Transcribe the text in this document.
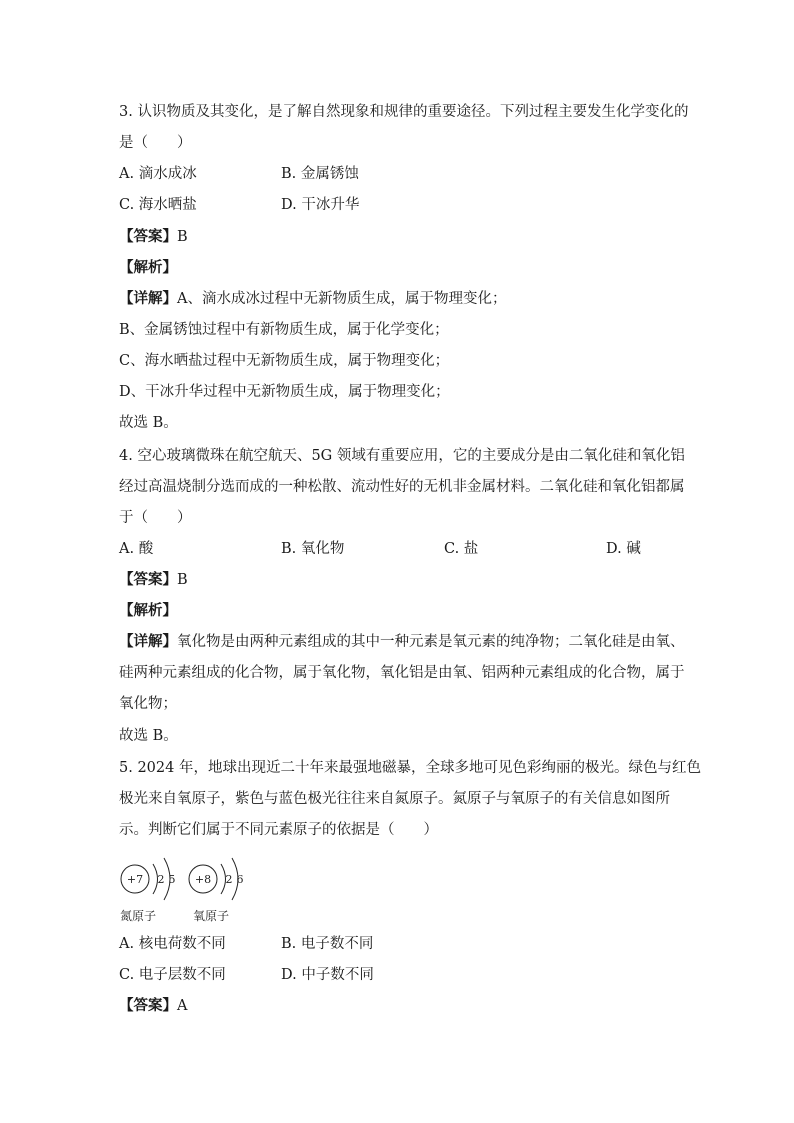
3. 认识物质及其变化，是了解自然现象和规律的重要途径。下列过程主要发生化学变化的
是（　　）
A. 滴水成冰	B. 金属锈蚀
C. 海水晒盐	D. 干冰升华
【答案】B
【解析】
【详解】A、滴水成冰过程中无新物质生成，属于物理变化；
B、金属锈蚀过程中有新物质生成，属于化学变化；
C、海水晒盐过程中无新物质生成，属于物理变化；
D、干冰升华过程中无新物质生成，属于物理变化；
故选 B。
4. 空心玻璃微珠在航空航天、5G 领域有重要应用，它的主要成分是由二氧化硅和氧化铝
经过高温烧制分选而成的一种松散、流动性好的无机非金属材料。二氧化硅和氧化铝都属
于（　　）
A. 酸	B. 氧化物	C. 盐	D. 碱
【答案】B
【解析】
【详解】氧化物是由两种元素组成的其中一种元素是氧元素的纯净物；二氧化硅是由氧、
硅两种元素组成的化合物，属于氧化物，氧化铝是由氧、铝两种元素组成的化合物，属于
氧化物；
故选 B。
5. 2024 年，地球出现近二十年来最强地磁暴，全球多地可见色彩绚丽的极光。绿色与红色
极光来自氧原子，紫色与蓝色极光往往来自氮原子。氮原子与氧原子的有关信息如图所
示。判断它们属于不同元素原子的依据是（　　）
+7 2 5 +8 2 6
氮原子	氧原子
A. 核电荷数不同	B. 电子数不同
C. 电子层数不同	D. 中子数不同
【答案】A
